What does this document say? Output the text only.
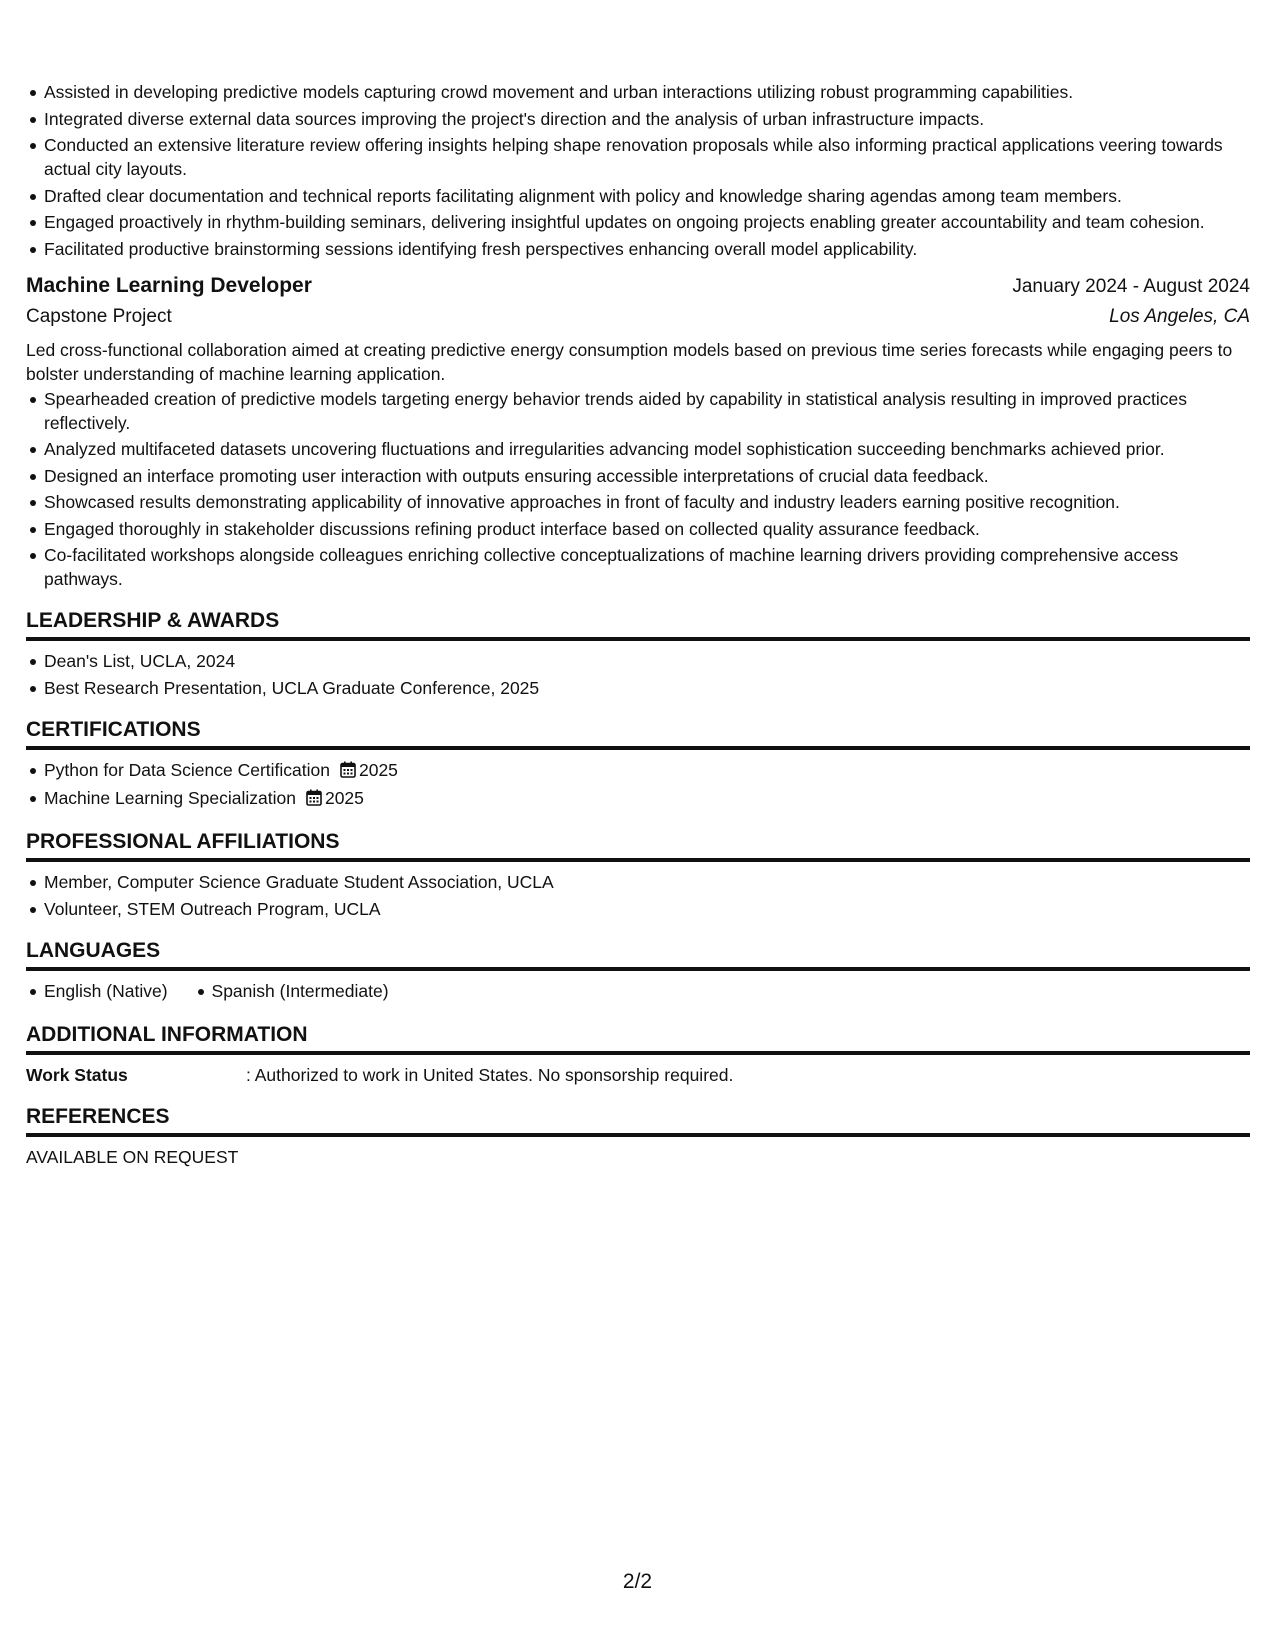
Assisted in developing predictive models capturing crowd movement and urban interactions utilizing robust programming capabilities.
Integrated diverse external data sources improving the project's direction and the analysis of urban infrastructure impacts.
Conducted an extensive literature review offering insights helping shape renovation proposals while also informing practical applications veering towards actual city layouts.
Drafted clear documentation and technical reports facilitating alignment with policy and knowledge sharing agendas among team members.
Engaged proactively in rhythm-building seminars, delivering insightful updates on ongoing projects enabling greater accountability and team cohesion.
Facilitated productive brainstorming sessions identifying fresh perspectives enhancing overall model applicability.
Machine Learning Developer	January 2024 - August 2024
Capstone Project	Los Angeles, CA
Led cross-functional collaboration aimed at creating predictive energy consumption models based on previous time series forecasts while engaging peers to bolster understanding of machine learning application.
Spearheaded creation of predictive models targeting energy behavior trends aided by capability in statistical analysis resulting in improved practices reflectively.
Analyzed multifaceted datasets uncovering fluctuations and irregularities advancing model sophistication succeeding benchmarks achieved prior.
Designed an interface promoting user interaction with outputs ensuring accessible interpretations of crucial data feedback.
Showcased results demonstrating applicability of innovative approaches in front of faculty and industry leaders earning positive recognition.
Engaged thoroughly in stakeholder discussions refining product interface based on collected quality assurance feedback.
Co-facilitated workshops alongside colleagues enriching collective conceptualizations of machine learning drivers providing comprehensive access pathways.
LEADERSHIP & AWARDS
Dean's List, UCLA, 2024
Best Research Presentation, UCLA Graduate Conference, 2025
CERTIFICATIONS
Python for Data Science Certification 2025
Machine Learning Specialization 2025
PROFESSIONAL AFFILIATIONS
Member, Computer Science Graduate Student Association, UCLA
Volunteer, STEM Outreach Program, UCLA
LANGUAGES
English (Native)	Spanish (Intermediate)
ADDITIONAL INFORMATION
Work Status	: Authorized to work in United States. No sponsorship required.
REFERENCES
AVAILABLE ON REQUEST
2/2
